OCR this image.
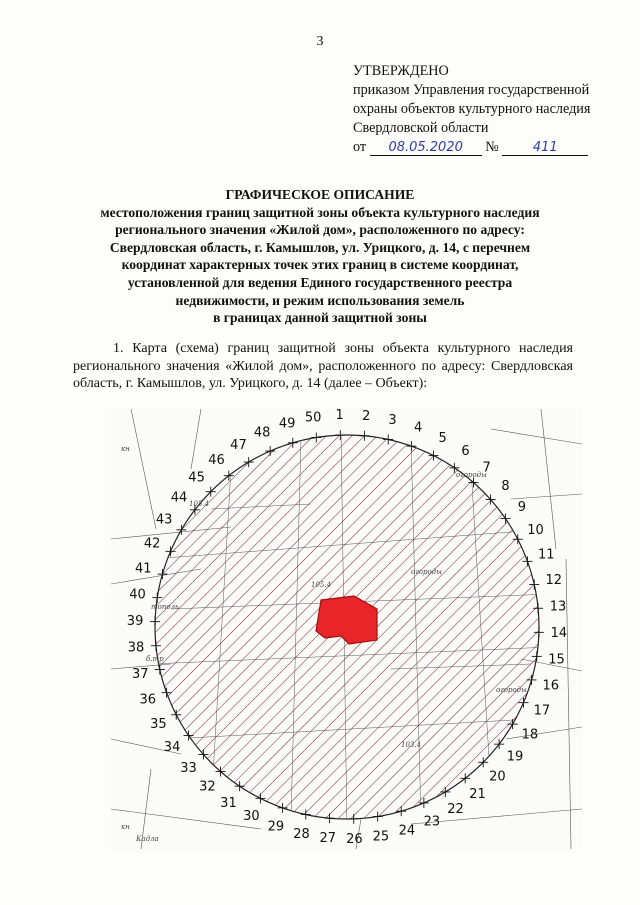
3
УТВЕРЖДЕНО
приказом Управления государственной
охраны объектов культурного наследия
Свердловской области
от 08.05.2020 №	411
ГРАФИЧЕСКОЕ ОПИСАНИЕ
местоположения границ защитной зоны объекта культурного наследия
регионального значения «Жилой дом», расположенного по адресу:
Свердловская область, г. Камышлов, ул. Урицкого, д. 14, с перечнем
координат характерных точек этих границ в системе координат,
установленной для ведения Единого государственного реестра
недвижимости, и режим использования земель
в границах данной защитной зоны
1. Карта (схема) границ защитной зоны объекта культурного наследия регионального значения «Жилой дом», расположенного по адресу: Свердловская область, г. Камышлов, ул. Урицкого, д. 14 (далее – Объект):
огороды
огороды
огороды
тополь
б.тр
кн
кн
Кадла
105.4
103.4
105.4
1 2 3 4
5
6
7
8
9
10
11
12
13
14
15
16
17
18
19
20
21
22
23
24
25
26
27
28
29
30
31
32
33
34
35
36
37
38
39
40
41
42
43
44
45
46
47
48
49 50
